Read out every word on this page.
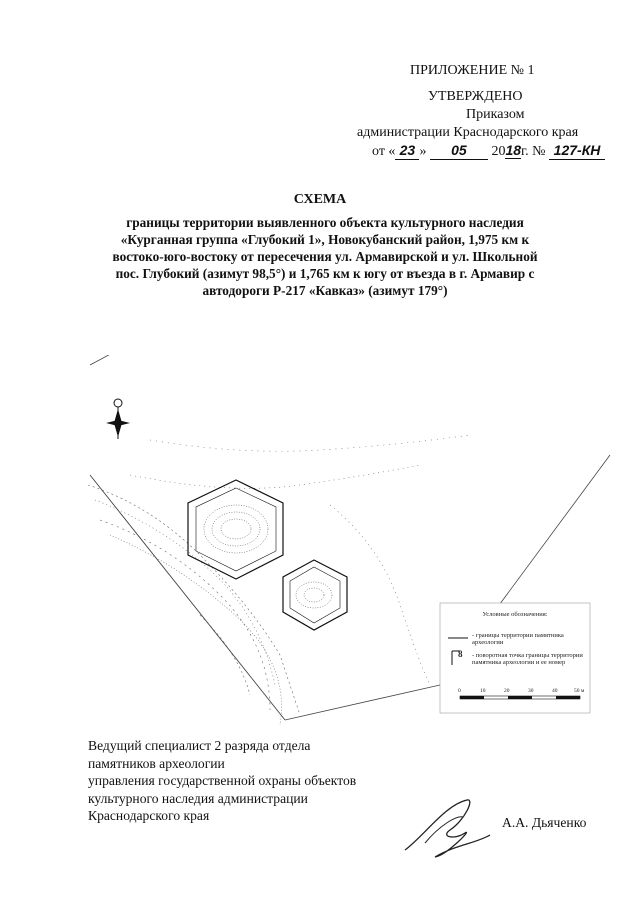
ПРИЛОЖЕНИЕ № 1
УТВЕРЖДЕНО
Приказом
администрации Краснодарского края
от « 23 » 05 2018г. № 127-КН
СХЕМА
границы территории выявленного объекта культурного наследия
«Курганная группа «Глубокий 1», Новокубанский район, 1,975 км к
востоко-юго-востоку от пересечения ул. Армавирской и ул. Школьной
пос. Глубокий (азимут 98,5°) и 1,765 км к югу от въезда в г. Армавир с
автодороги Р-217 «Кавказ» (азимут 179°)
Условные обозначения:
- границы территории памятника археологии
8 - поворотная точка границы территории памятника археологии и ее номер
0	10	20	30	40	50 м
Ведущий специалист 2 разряда отдела
памятников археологии
управления государственной охраны объектов
культурного наследия администрации
Краснодарского края	А.А. Дьяченко
